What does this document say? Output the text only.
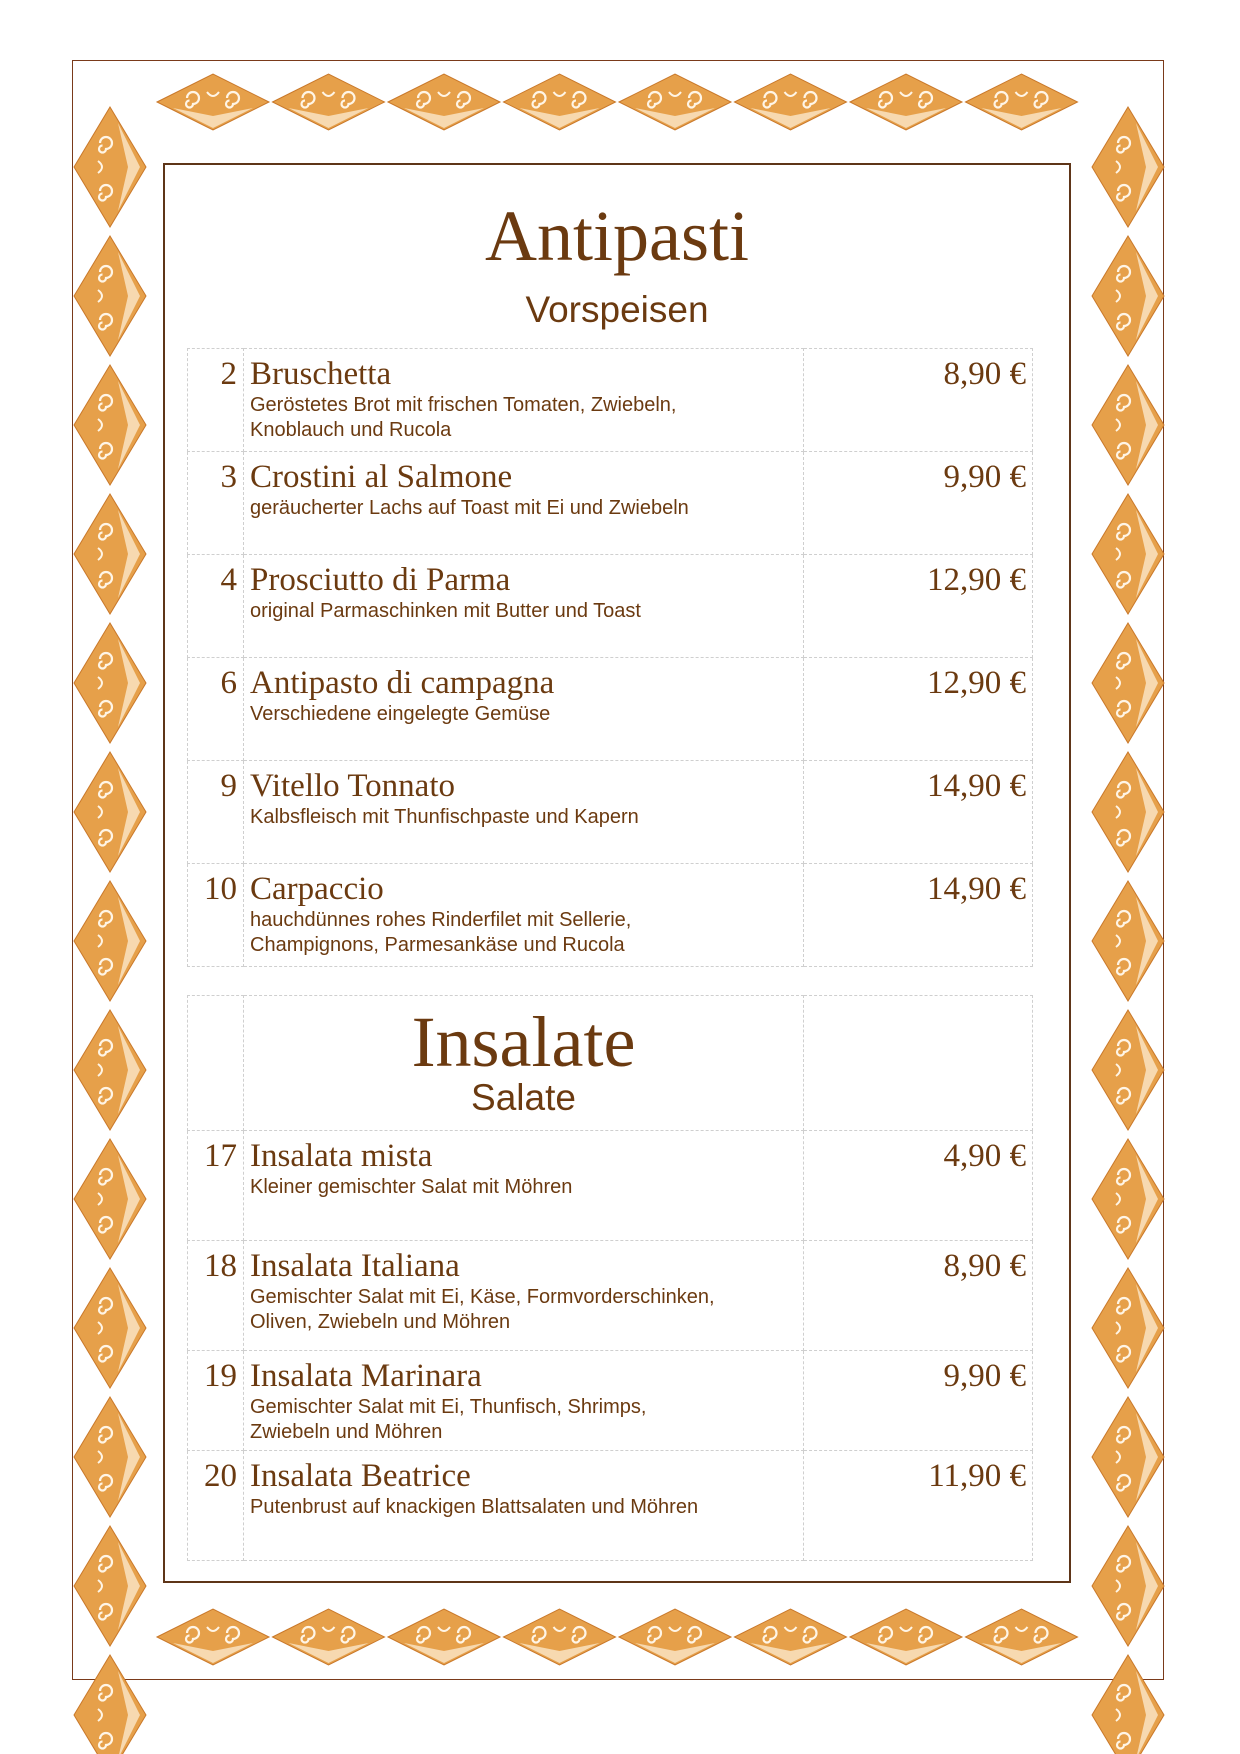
Antipasti
Vorspeisen
2	Bruschetta
Geröstetes Brot mit frischen Tomaten, Zwiebeln,
Knoblauch und Rucola	8,90 €
3	Crostini al Salmone
geräucherter Lachs auf Toast mit Ei und Zwiebeln	9,90 €
4	Prosciutto di Parma
original Parmaschinken mit Butter und Toast	12,90 €
6	Antipasto di campagna
Verschiedene eingelegte Gemüse	12,90 €
9	Vitello Tonnato
Kalbsfleisch mit Thunfischpaste und Kapern	14,90 €
10	Carpaccio
hauchdünnes rohes Rinderfilet mit Sellerie,
Champignons, Parmesankäse und Rucola	14,90 €

	Insalate
Salate	

17	Insalata mista
Kleiner gemischter Salat mit Möhren	4,90 €
18	Insalata Italiana
Gemischter Salat mit Ei, Käse, Formvorderschinken,
Oliven, Zwiebeln und Möhren	8,90 €
19	Insalata Marinara
Gemischter Salat mit Ei, Thunfisch, Shrimps,
Zwiebeln und Möhren	9,90 €
20	Insalata Beatrice
Putenbrust auf knackigen Blattsalaten und Möhren	11,90 €
